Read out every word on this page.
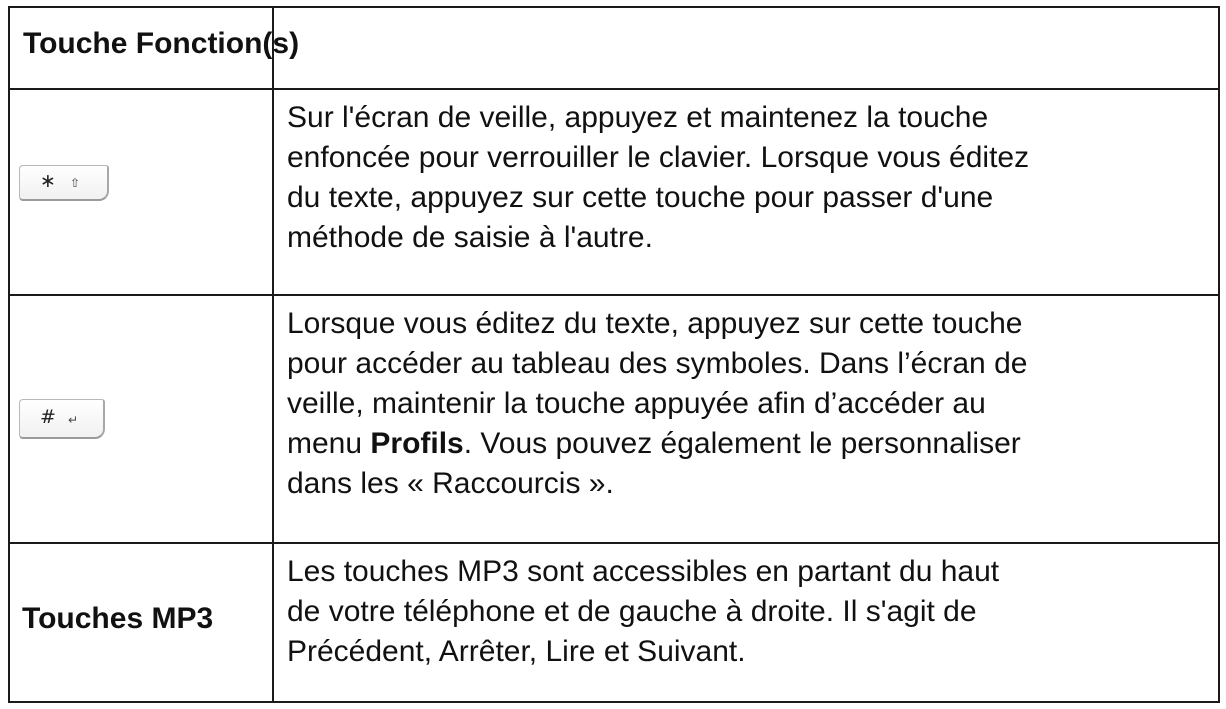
Touche Fonction(s)
∗ ⇧
Sur l'écran de veille, appuyez et maintenez la touche
enfoncée pour verrouiller le clavier. Lorsque vous éditez
du texte, appuyez sur cette touche pour passer d'une
méthode de saisie à l'autre.
# ↵
Lorsque vous éditez du texte, appuyez sur cette touche
pour accéder au tableau des symboles. Dans l’écran de
veille, maintenir la touche appuyée afin d’accéder au
menu Profils. Vous pouvez également le personnaliser
dans les « Raccourcis ».
Touches MP3
Les touches MP3 sont accessibles en partant du haut
de votre téléphone et de gauche à droite. Il s'agit de
Précédent, Arrêter, Lire et Suivant.
